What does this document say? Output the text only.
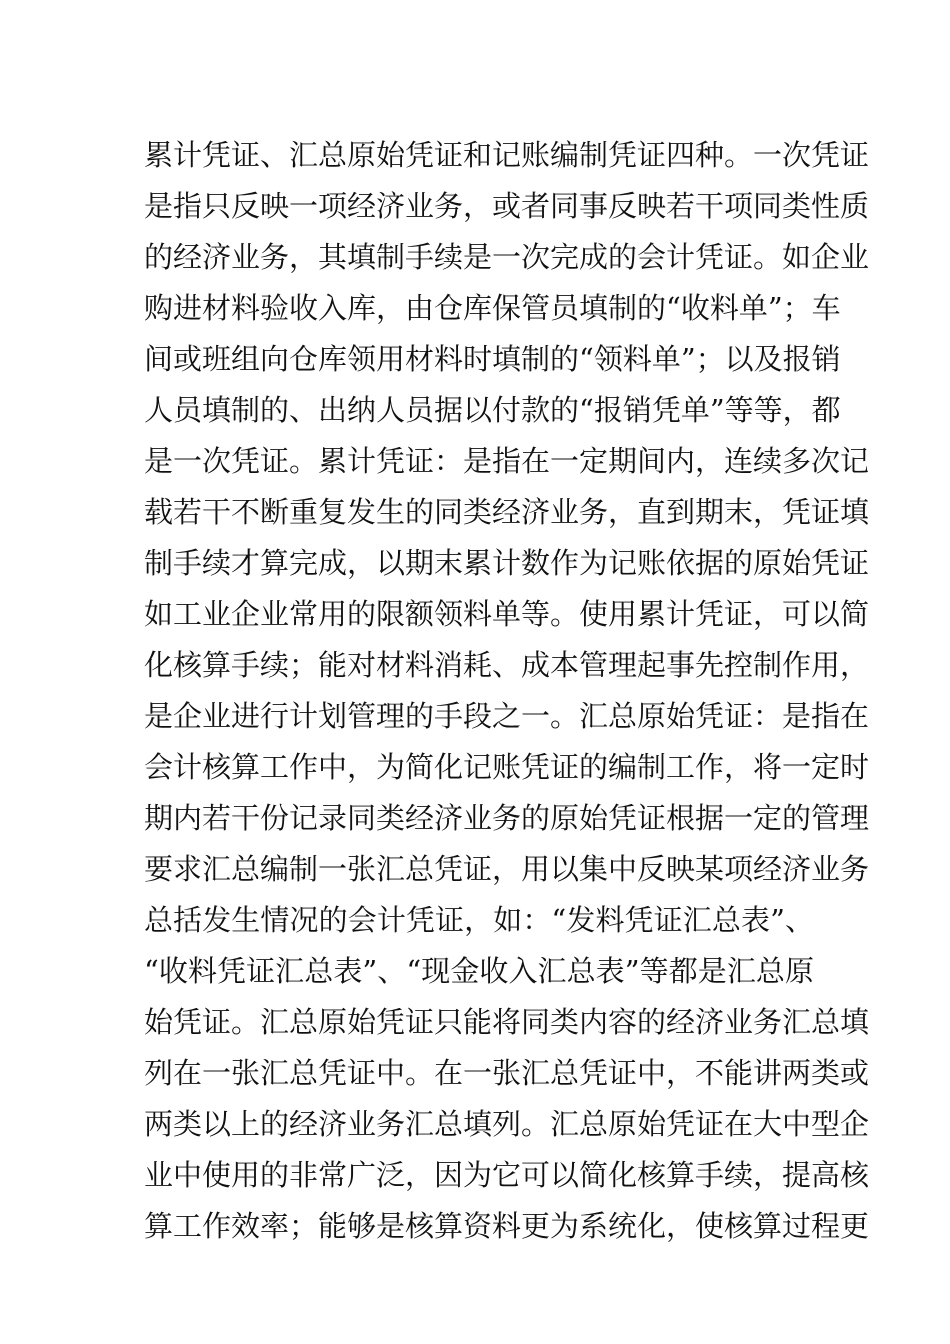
累计凭证、汇总原始凭证和记账编制凭证四种。一次凭证
是指只反映一项经济业务，或者同事反映若干项同类性质
的经济业务，其填制手续是一次完成的会计凭证。如企业
购进材料验收入库，由仓库保管员填制的“收料单”；车
间或班组向仓库领用材料时填制的“领料单”；以及报销
人员填制的、出纳人员据以付款的“报销凭单”等等，都
是一次凭证。累计凭证：是指在一定期间内，连续多次记
载若干不断重复发生的同类经济业务，直到期末，凭证填
制手续才算完成，以期末累计数作为记账依据的原始凭证
如工业企业常用的限额领料单等。使用累计凭证，可以简
化核算手续；能对材料消耗、成本管理起事先控制作用，
是企业进行计划管理的手段之一。汇总原始凭证：是指在
会计核算工作中，为简化记账凭证的编制工作，将一定时
期内若干份记录同类经济业务的原始凭证根据一定的管理
要求汇总编制一张汇总凭证，用以集中反映某项经济业务
总括发生情况的会计凭证，如：“发料凭证汇总表”、
“收料凭证汇总表”、“现金收入汇总表”等都是汇总原
始凭证。汇总原始凭证只能将同类内容的经济业务汇总填
列在一张汇总凭证中。在一张汇总凭证中，不能讲两类或
两类以上的经济业务汇总填列。汇总原始凭证在大中型企
业中使用的非常广泛，因为它可以简化核算手续，提高核
算工作效率；能够是核算资料更为系统化，使核算过程更
